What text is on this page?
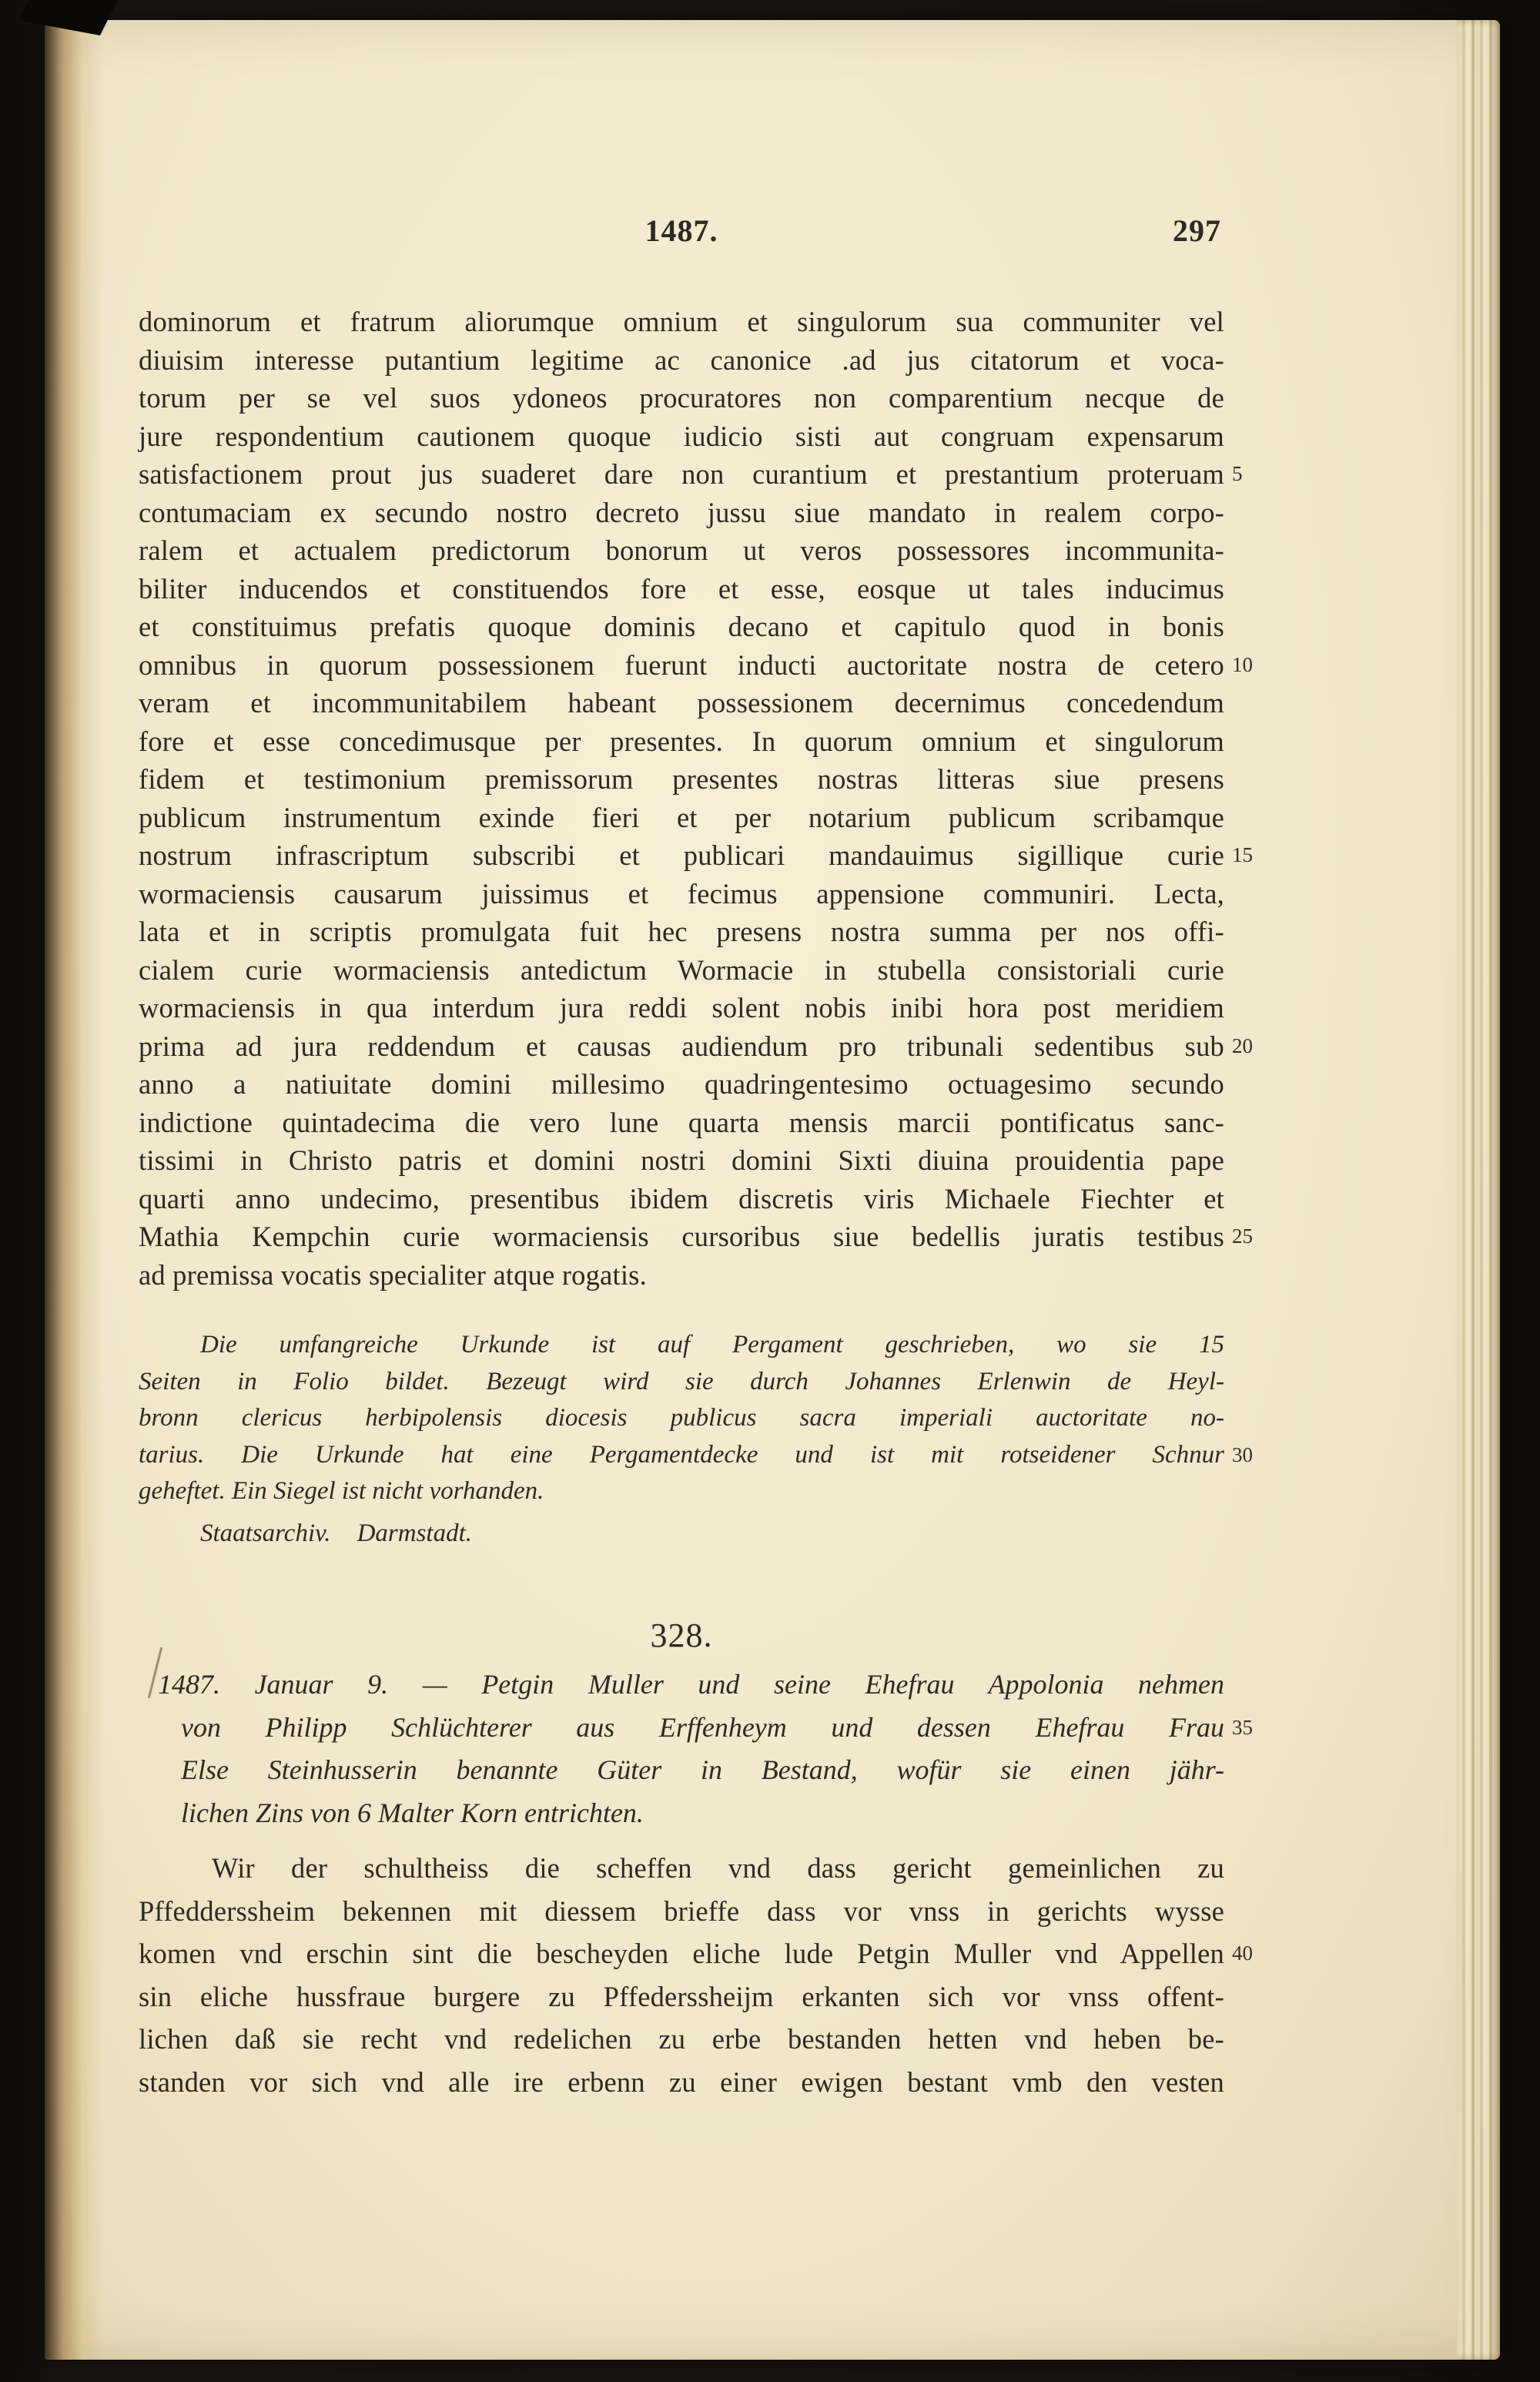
1487.	297
dominorum et fratrum aliorumque omnium et singulorum sua communiter vel
diuisim interesse putantium legitime ac canonice .ad jus citatorum et voca-
torum per se vel suos ydoneos procuratores non comparentium necque de
jure respondentium cautionem quoque iudicio sisti aut congruam expensarum
satisfactionem prout jus suaderet dare non curantium et prestantium proteruam 5
contumaciam ex secundo nostro decreto jussu siue mandato in realem corpo-
ralem et actualem predictorum bonorum ut veros possessores incommunita-
biliter inducendos et constituendos fore et esse, eosque ut tales inducimus
et constituimus prefatis quoque dominis decano et capitulo quod in bonis
omnibus in quorum possessionem fuerunt inducti auctoritate nostra de cetero 10
veram et incommunitabilem habeant possessionem decernimus concedendum
fore et esse concedimusque per presentes. In quorum omnium et singulorum
fidem et testimonium premissorum presentes nostras litteras siue presens
publicum instrumentum exinde fieri et per notarium publicum scribamque
nostrum infrascriptum subscribi et publicari mandauimus sigillique curie 15
wormaciensis causarum juissimus et fecimus appensione communiri. Lecta,
lata et in scriptis promulgata fuit hec presens nostra summa per nos offi-
cialem curie wormaciensis antedictum Wormacie in stubella consistoriali curie
wormaciensis in qua interdum jura reddi solent nobis inibi hora post meridiem
prima ad jura reddendum et causas audiendum pro tribunali sedentibus sub 20
anno a natiuitate domini millesimo quadringentesimo octuagesimo secundo
indictione quintadecima die vero lune quarta mensis marcii pontificatus sanc-
tissimi in Christo patris et domini nostri domini Sixti diuina prouidentia pape
quarti anno undecimo, presentibus ibidem discretis viris Michaele Fiechter et
Mathia Kempchin curie wormaciensis cursoribus siue bedellis juratis testibus 25
ad premissa vocatis specialiter atque rogatis.
Die umfangreiche Urkunde ist auf Pergament geschrieben, wo sie 15
Seiten in Folio bildet. Bezeugt wird sie durch Johannes Erlenwin de Heyl-
bronn clericus herbipolensis diocesis publicus sacra imperiali auctoritate no-
tarius. Die Urkunde hat eine Pergamentdecke und ist mit rotseidener Schnur 30
geheftet. Ein Siegel ist nicht vorhanden.
Staatsarchiv. Darmstadt.
328.
1487. Januar 9. — Petgin Muller und seine Ehefrau Appolonia nehmen
von Philipp Schlüchterer aus Erffenheym und dessen Ehefrau Frau 35
Else Steinhusserin benannte Güter in Bestand, wofür sie einen jähr-
lichen Zins von 6 Malter Korn entrichten.
Wir der schultheiss die scheffen vnd dass gericht gemeinlichen zu
Pffedderssheim bekennen mit diessem brieffe dass vor vnss in gerichts wysse
komen vnd erschin sint die bescheyden eliche lude Petgin Muller vnd Appellen 40
sin eliche hussfraue burgere zu Pffederssheijm erkanten sich vor vnss offent-
lichen daß sie recht vnd redelichen zu erbe bestanden hetten vnd heben be-
standen vor sich vnd alle ire erbenn zu einer ewigen bestant vmb den vesten
